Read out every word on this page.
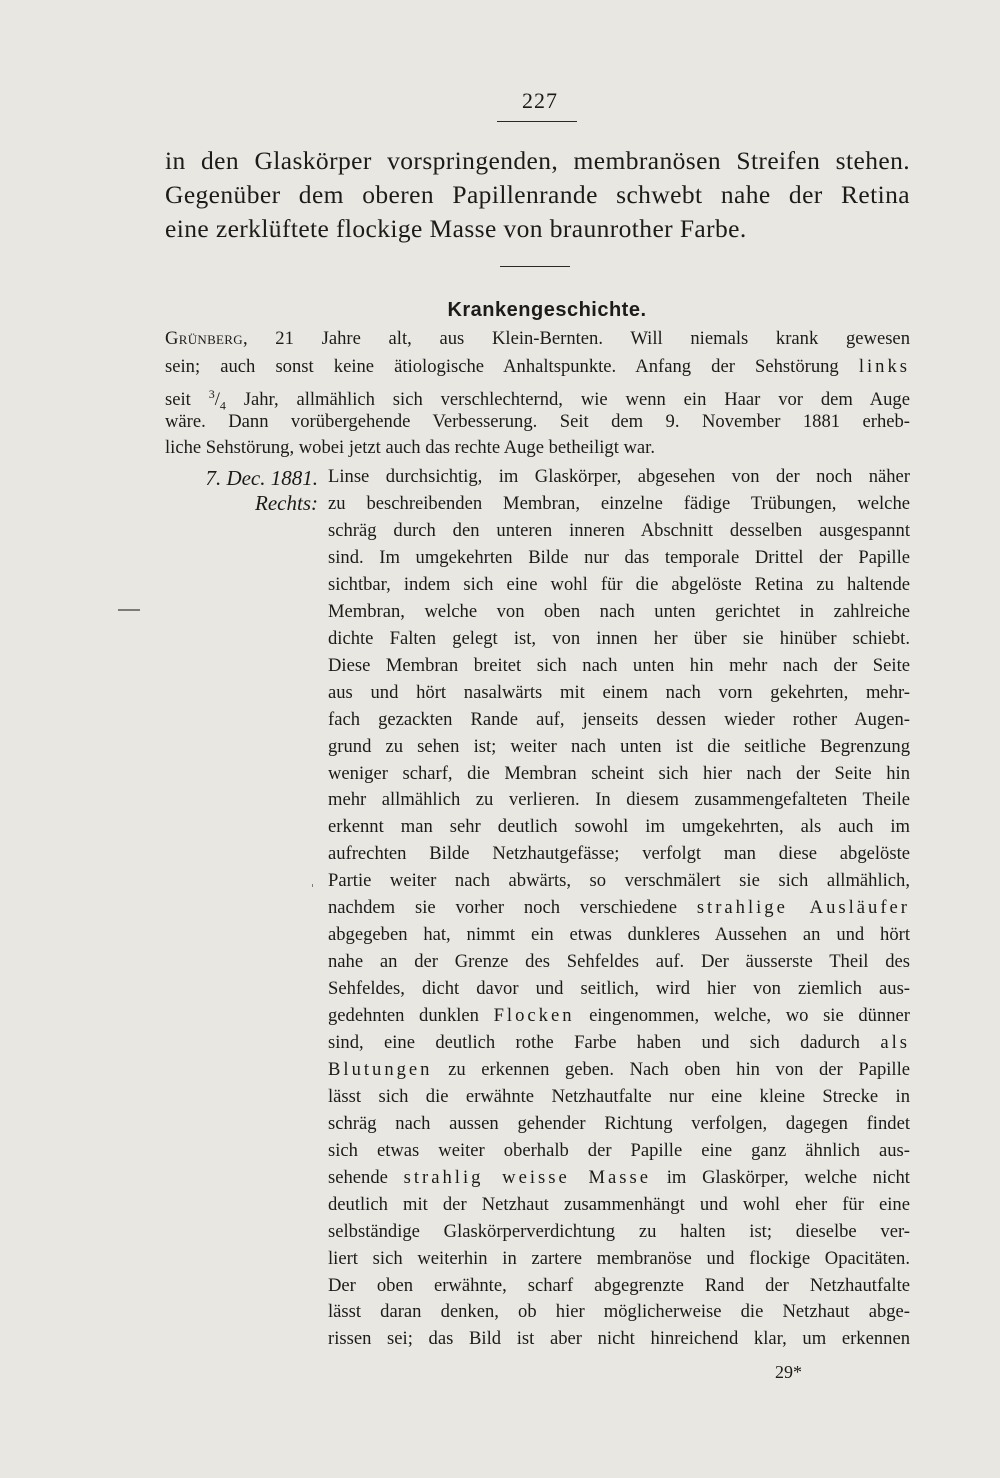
227
in den Glaskörper vorspringenden, membranösen Streifen stehen.
Gegenüber dem oberen Papillenrande schwebt nahe der Retina
eine zerklüftete flockige Masse von braunrother Farbe.
Krankengeschichte.
Grünberg, 21 Jahre alt, aus Klein-Bernten. Will niemals krank gewesen
sein; auch sonst keine ätiologische Anhaltspunkte. Anfang der Sehstörung links
seit $^3/_4$ Jahr, allmählich sich verschlechternd, wie wenn ein Haar vor dem Auge
wäre. Dann vorübergehende Verbesserung. Seit dem 9. November 1881 erheb-
liche Sehstörung, wobei jetzt auch das rechte Auge betheiligt war.
7. Dec. 1881.
Rechts:
Linse durchsichtig, im Glaskörper, abgesehen von der noch näher
zu beschreibenden Membran, einzelne fädige Trübungen, welche
schräg durch den unteren inneren Abschnitt desselben ausgespannt
sind. Im umgekehrten Bilde nur das temporale Drittel der Papille
sichtbar, indem sich eine wohl für die abgelöste Retina zu haltende
Membran, welche von oben nach unten gerichtet in zahlreiche
dichte Falten gelegt ist, von innen her über sie hinüber schiebt.
Diese Membran breitet sich nach unten hin mehr nach der Seite
aus und hört nasalwärts mit einem nach vorn gekehrten, mehr-
fach gezackten Rande auf, jenseits dessen wieder rother Augen-
grund zu sehen ist; weiter nach unten ist die seitliche Begrenzung
weniger scharf, die Membran scheint sich hier nach der Seite hin
mehr allmählich zu verlieren. In diesem zusammengefalteten Theile
erkennt man sehr deutlich sowohl im umgekehrten, als auch im
aufrechten Bilde Netzhautgefässe; verfolgt man diese abgelöste
Partie weiter nach abwärts, so verschmälert sie sich allmählich,
nachdem sie vorher noch verschiedene strahlige Ausläufer
abgegeben hat, nimmt ein etwas dunkleres Aussehen an und hört
nahe an der Grenze des Sehfeldes auf. Der äusserste Theil des
Sehfeldes, dicht davor und seitlich, wird hier von ziemlich aus-
gedehnten dunklen Flocken eingenommen, welche, wo sie dünner
sind, eine deutlich rothe Farbe haben und sich dadurch als
Blutungen zu erkennen geben. Nach oben hin von der Papille
lässt sich die erwähnte Netzhautfalte nur eine kleine Strecke in
schräg nach aussen gehender Richtung verfolgen, dagegen findet
sich etwas weiter oberhalb der Papille eine ganz ähnlich aus-
sehende strahlig weisse Masse im Glaskörper, welche nicht
deutlich mit der Netzhaut zusammenhängt und wohl eher für eine
selbständige Glaskörperverdichtung zu halten ist; dieselbe ver-
liert sich weiterhin in zartere membranöse und flockige Opacitäten.
Der oben erwähnte, scharf abgegrenzte Rand der Netzhautfalte
lässt daran denken, ob hier möglicherweise die Netzhaut abge-
rissen sei; das Bild ist aber nicht hinreichend klar, um erkennen
29*
